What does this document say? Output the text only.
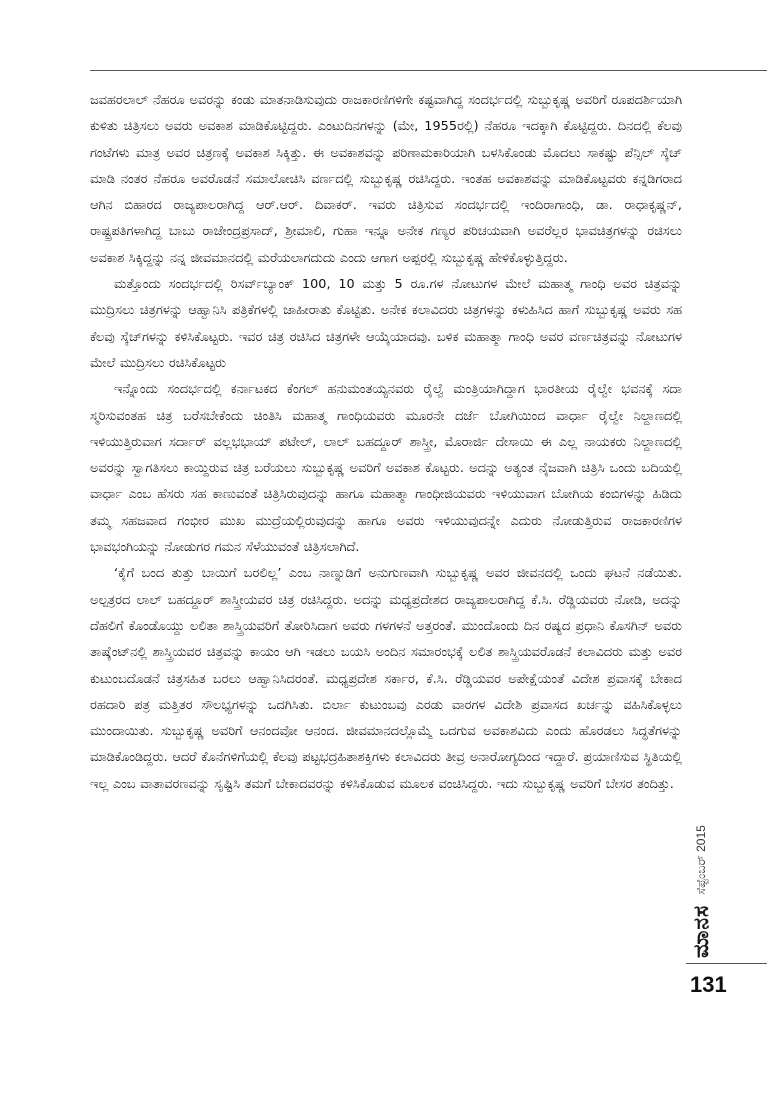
ಜವಹರಲಾಲ್ ನೆಹರೂ ಅವರನ್ನು ಕಂಡು ಮಾತನಾಡಿಸುವುದು ರಾಜಕಾರಣಿಗಳಿಗೇ ಕಷ್ಟವಾಗಿದ್ದ ಸಂದರ್ಭದಲ್ಲಿ ಸುಬ್ಬುಕೃಷ್ಣ ಅವರಿಗೆ ರೂಪದರ್ಶಿಯಾಗಿ ಕುಳಿತು ಚಿತ್ರಿಸಲು ಅವರು ಅವಕಾಶ ಮಾಡಿಕೊಟ್ಟಿದ್ದರು. ಎಂಟುದಿನಗಳನ್ನು (ಮೇ, 1955ರಲ್ಲಿ) ನೆಹರೂ ಇದಕ್ಕಾಗಿ ಕೊಟ್ಟಿದ್ದರು. ದಿನದಲ್ಲಿ ಕೆಲವು ಗಂಟೆಗಳು ಮಾತ್ರ ಅವರ ಚಿತ್ರಣಕ್ಕೆ ಅವಕಾಶ ಸಿಕ್ಕಿತ್ತು. ಈ ಅವಕಾಶವನ್ನು ಪರಿಣಾಮಕಾರಿಯಾಗಿ ಬಳಸಿಕೊಂಡು ಮೊದಲು ಸಾಕಷ್ಟು ಪೆನ್ಸಿಲ್ ಸ್ಕೆಚ್ ಮಾಡಿ ನಂತರ ನೆಹರೂ ಅವರೊಡನೆ ಸಮಾಲೋಚಿಸಿ ವರ್ಣದಲ್ಲಿ ಸುಬ್ಬುಕೃಷ್ಣ ರಚಿಸಿದ್ದರು. ಇಂತಹ ಅವಕಾಶವನ್ನು ಮಾಡಿಕೊಟ್ಟವರು ಕನ್ನಡಿಗರಾದ ಆಗಿನ ಬಿಹಾರದ ರಾಜ್ಯಪಾಲರಾಗಿದ್ದ ಆರ್.ಆರ್. ದಿವಾಕರ್. ಇವರು ಚಿತ್ರಿಸುವ ಸಂದರ್ಭದಲ್ಲಿ ಇಂದಿರಾಗಾಂಧಿ, ಡಾ. ರಾಧಾಕೃಷ್ಣನ್, ರಾಷ್ಟ್ರಪತಿಗಳಾಗಿದ್ದ ಬಾಬು ರಾಜೇಂದ್ರಪ್ರಸಾದ್, ಶ್ರೀಮಾಲಿ, ಗುಹಾ ಇನ್ನೂ ಅನೇಕ ಗಣ್ಯರ ಪರಿಚಯವಾಗಿ ಅವರೆಲ್ಲರ ಭಾವಚಿತ್ರಗಳನ್ನು ರಚಿಸಲು ಅವಕಾಶ ಸಿಕ್ಕಿದ್ದನ್ನು ನನ್ನ ಜೀವಮಾನದಲ್ಲಿ ಮರೆಯಲಾಗದುದು ಎಂದು ಆಗಾಗ ಅಪ್ಪರಲ್ಲಿ ಸುಬ್ಬುಕೃಷ್ಣ ಹೇಳಿಕೊಳ್ಳುತ್ತಿದ್ದರು.

ಮತ್ತೊಂದು ಸಂದರ್ಭದಲ್ಲಿ ರಿಸರ್ವ್‌ಬ್ಯಾಂಕ್ 100, 10 ಮತ್ತು 5 ರೂ.ಗಳ ನೋಟುಗಳ ಮೇಲೆ ಮಹಾತ್ಮ ಗಾಂಧಿ ಅವರ ಚಿತ್ರವನ್ನು ಮುದ್ರಿಸಲು ಚಿತ್ರಗಳನ್ನು ಆಹ್ವಾನಿಸಿ ಪತ್ರಿಕೆಗಳಲ್ಲಿ ಜಾಹೀರಾತು ಕೊಟ್ಟಿತು. ಅನೇಕ ಕಲಾವಿದರು ಚಿತ್ರಗಳನ್ನು ಕಳುಹಿಸಿದ ಹಾಗೆ ಸುಬ್ಬುಕೃಷ್ಣ ಅವರು ಸಹ ಕೆಲವು ಸ್ಕೆಚ್‌ಗಳನ್ನು ಕಳಿಸಿಕೊಟ್ಟರು. ಇವರ ಚಿತ್ರ ರಚಿಸಿದ ಚಿತ್ರಗಳೇ ಆಯ್ಕೆಯಾದವು. ಬಳಿಕ ಮಹಾತ್ಮಾ ಗಾಂಧಿ ಅವರ ವರ್ಣಚಿತ್ರವನ್ನು ನೋಟುಗಳ ಮೇಲೆ ಮುದ್ರಿಸಲು ರಚಿಸಿಕೊಟ್ಟರು

ಇನ್ನೊಂದು ಸಂದರ್ಭದಲ್ಲಿ ಕರ್ನಾಟಕದ ಕೆಂಗಲ್ ಹನುಮಂತಯ್ಯನವರು ರೈಲ್ವೆ ಮಂತ್ರಿಯಾಗಿದ್ದಾಗ ಭಾರತೀಯ ರೈಲ್ವೇ ಭವನಕ್ಕೆ ಸದಾ ಸ್ಮರಿಸುವಂತಹ ಚಿತ್ರ ಬರೆಸಬೇಕೆಂದು ಚಿಂತಿಸಿ ಮಹಾತ್ಮ ಗಾಂಧಿಯವರು ಮೂರನೇ ದರ್ಜೆ ಬೋಗಿಯಿಂದ ವಾರ್ಧಾ ರೈಲ್ವೇ ನಿಲ್ದಾಣದಲ್ಲಿ ಇಳಿಯುತ್ತಿರುವಾಗ ಸರ್ದಾರ್ ವಲ್ಲಭಭಾಯ್ ಪಟೇಲ್, ಲಾಲ್ ಬಹದ್ದೂರ್ ಶಾಸ್ತ್ರೀ, ಮೊರಾರ್ಜಿ ದೇಸಾಯಿ ಈ ಎಲ್ಲ ನಾಯಕರು ನಿಲ್ದಾಣದಲ್ಲಿ ಅವರನ್ನು ಸ್ವಾಗತಿಸಲು ಕಾಯ್ದಿರುವ ಚಿತ್ರ ಬರೆಯಲು ಸುಬ್ಬುಕೃಷ್ಣ ಅವರಿಗೆ ಅವಕಾಶ ಕೊಟ್ಟರು. ಅದನ್ನು ಅತ್ಯಂತ ನೈಜವಾಗಿ ಚಿತ್ರಿಸಿ ಒಂದು ಬದಿಯಲ್ಲಿ ವಾರ್ಧಾ ಎಂಬ ಹೆಸರು ಸಹ ಕಾಣುವಂತೆ ಚಿತ್ರಿಸಿರುವುದನ್ನು ಹಾಗೂ ಮಹಾತ್ಮಾ ಗಾಂಧೀಜಿಯವರು ಇಳಿಯುವಾಗ ಬೋಗಿಯ ಕಂಬಿಗಳನ್ನು ಹಿಡಿದು ತಮ್ಮ ಸಹಜವಾದ ಗಂಭೀರ ಮುಖ ಮುದ್ರೆಯಲ್ಲಿರುವುದನ್ನು ಹಾಗೂ ಅವರು ಇಳಿಯುವುದನ್ನೇ ಎದುರು ನೋಡುತ್ತಿರುವ ರಾಜಕಾರಣಿಗಳ ಭಾವಭಂಗಿಯನ್ನು ನೋಡುಗರ ಗಮನ ಸೆಳೆಯುವಂತೆ ಚಿತ್ರಿಸಲಾಗಿದೆ.

‘ಕೈಗೆ ಬಂದ ತುತ್ತು ಬಾಯಿಗೆ ಬರಲಿಲ್ಲ’ ಎಂಬ ನಾಣ್ನುಡಿಗೆ ಅನುಗುಣವಾಗಿ ಸುಬ್ಬುಕೃಷ್ಣ ಅವರ ಜೀವನದಲ್ಲಿ ಒಂದು ಘಟನೆ ನಡೆಯಿತು. ಅಲ್ಪತ್ರರದ ಲಾಲ್ ಬಹದ್ದೂರ್ ಶಾಸ್ತ್ರೀಯವರ ಚಿತ್ರ ರಚಿಸಿದ್ದರು. ಅದನ್ನು ಮಧ್ಯಪ್ರದೇಶದ ರಾಜ್ಯಪಾಲರಾಗಿದ್ದ ಕೆ.ಸಿ. ರೆಡ್ಡಿಯವರು ನೋಡಿ, ಅದನ್ನು ದೆಹಲಿಗೆ ಕೊಂಡೊಯ್ದು ಲಲಿತಾ ಶಾಸ್ತ್ರಿಯವರಿಗೆ ತೋರಿಸಿದಾಗ ಅವರು ಗಳಗಳನೆ ಅತ್ತರಂತೆ. ಮುಂದೊಂದು ದಿನ ರಷ್ಯದ ಪ್ರಧಾನಿ ಕೊಸಗಿನ್ ಅವರು ತಾಷ್ಕೆಂಟ್‌ನಲ್ಲಿ ಶಾಸ್ತ್ರಿಯವರ ಚಿತ್ರವನ್ನು ಕಾಯಂ ಆಗಿ ಇಡಲು ಬಯಸಿ ಅಂದಿನ ಸಮಾರಂಭಕ್ಕೆ ಲಲಿತ ಶಾಸ್ತ್ರಿಯವರೊಡನೆ ಕಲಾವಿದರು ಮತ್ತು ಅವರ ಕುಟುಂಬದೊಡನೆ ಚಿತ್ರಸಹಿತ ಬರಲು ಆಹ್ವಾನಿಸಿದರಂತೆ. ಮಧ್ಯಪ್ರದೇಶ ಸರ್ಕಾರ, ಕೆ.ಸಿ. ರೆಡ್ಡಿಯವರ ಅಪೇಕ್ಷೆಯಂತೆ ವಿದೇಶ ಪ್ರವಾಸಕ್ಕೆ ಬೇಕಾದ ರಹದಾರಿ ಪತ್ರ ಮತ್ತಿತರ ಸೌಲಭ್ಯಗಳನ್ನು ಒದಗಿಸಿತು. ಬಿರ್ಲಾ ಕುಟುಂಬವು ಎರಡು ವಾರಗಳ ವಿದೇಶಿ ಪ್ರವಾಸದ ಖರ್ಚನ್ನು ವಹಿಸಿಕೊಳ್ಳಲು ಮುಂದಾಯಿತು. ಸುಬ್ಬುಕೃಷ್ಣ ಅವರಿಗೆ ಆನಂದವೋ ಆನಂದ. ಜೀವಮಾನದಲ್ಲೊಮ್ಮೆ ಒದಗುವ ಅವಕಾಶವಿದು ಎಂದು ಹೊರಡಲು ಸಿದ್ಧತೆಗಳನ್ನು ಮಾಡಿಕೊಂಡಿದ್ದರು. ಆದರೆ ಕೊನೆಗಳಿಗೆಯಲ್ಲಿ ಕೆಲವು ಪಟ್ಟಭದ್ರಹಿತಾಶಕ್ತಿಗಳು ಕಲಾವಿದರು ತೀವ್ರ ಅನಾರೋಗ್ಯದಿಂದ ಇದ್ದಾರೆ. ಪ್ರಯಾಣಿಸುವ ಸ್ಥಿತಿಯಲ್ಲಿ ಇಲ್ಲ ಎಂಬ ವಾತಾವರಣವನ್ನು ಸೃಷ್ಟಿಸಿ ತಮಗೆ ಬೇಕಾದವರನ್ನು ಕಳಿಸಿಕೊಡುವ ಮೂಲಕ ವಂಚಿಸಿದ್ದರು. ಇದು ಸುಬ್ಬುಕೃಷ್ಣ ಅವರಿಗೆ ಬೇಸರ ತಂದಿತ್ತು.

ಮಾನಸ
ಸೆಪ್ಟೆಂಬರ್ 2015
131
